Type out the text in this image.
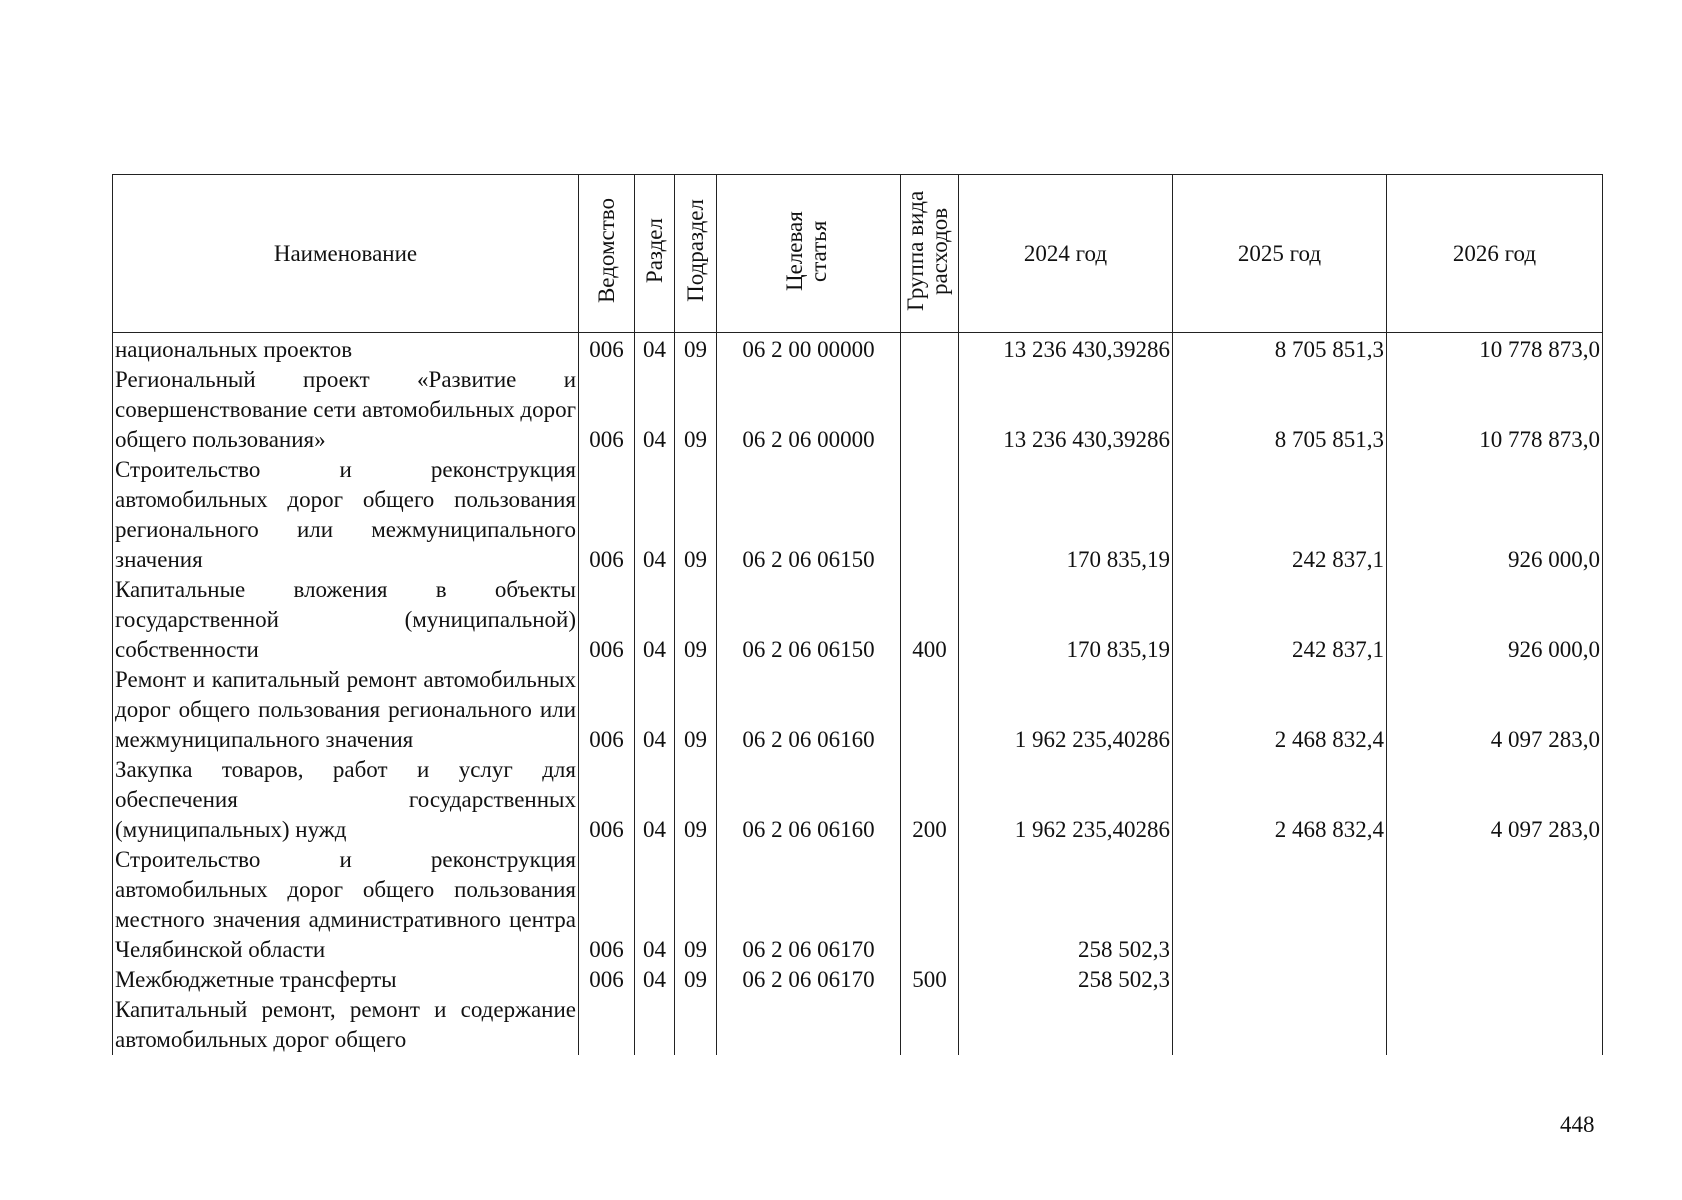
Наименование	Ведомство	Раздел	Подраздел	Целевая статья	Группа вида расходов	2024 год	2025 год	2026 год
национальных проектов	006	04	09	06 2 00 00000		13 236 430,39286	8 705 851,3	10 778 873,0
Региональный проект «Развитие и совершенствование сети автомобильных дорог общего пользования»	006	04	09	06 2 06 00000		13 236 430,39286	8 705 851,3	10 778 873,0
Строительство и реконструкция автомобильных дорог общего пользования регионального или межмуниципального значения	006	04	09	06 2 06 06150		170 835,19	242 837,1	926 000,0
Капитальные вложения в объекты государственной (муниципальной) собственности	006	04	09	06 2 06 06150	400	170 835,19	242 837,1	926 000,0
Ремонт и капитальный ремонт автомобильных дорог общего пользования регионального или межмуниципального значения	006	04	09	06 2 06 06160		1 962 235,40286	2 468 832,4	4 097 283,0
Закупка товаров, работ и услуг для обеспечения государственных (муниципальных) нужд	006	04	09	06 2 06 06160	200	1 962 235,40286	2 468 832,4	4 097 283,0
Строительство и реконструкция автомобильных дорог общего пользования местного значения административного центра Челябинской области	006	04	09	06 2 06 06170		258 502,3		
Межбюджетные трансферты	006	04	09	06 2 06 06170	500	258 502,3		
Капитальный ремонт, ремонт и содержание автомобильных дорог общего								
448
